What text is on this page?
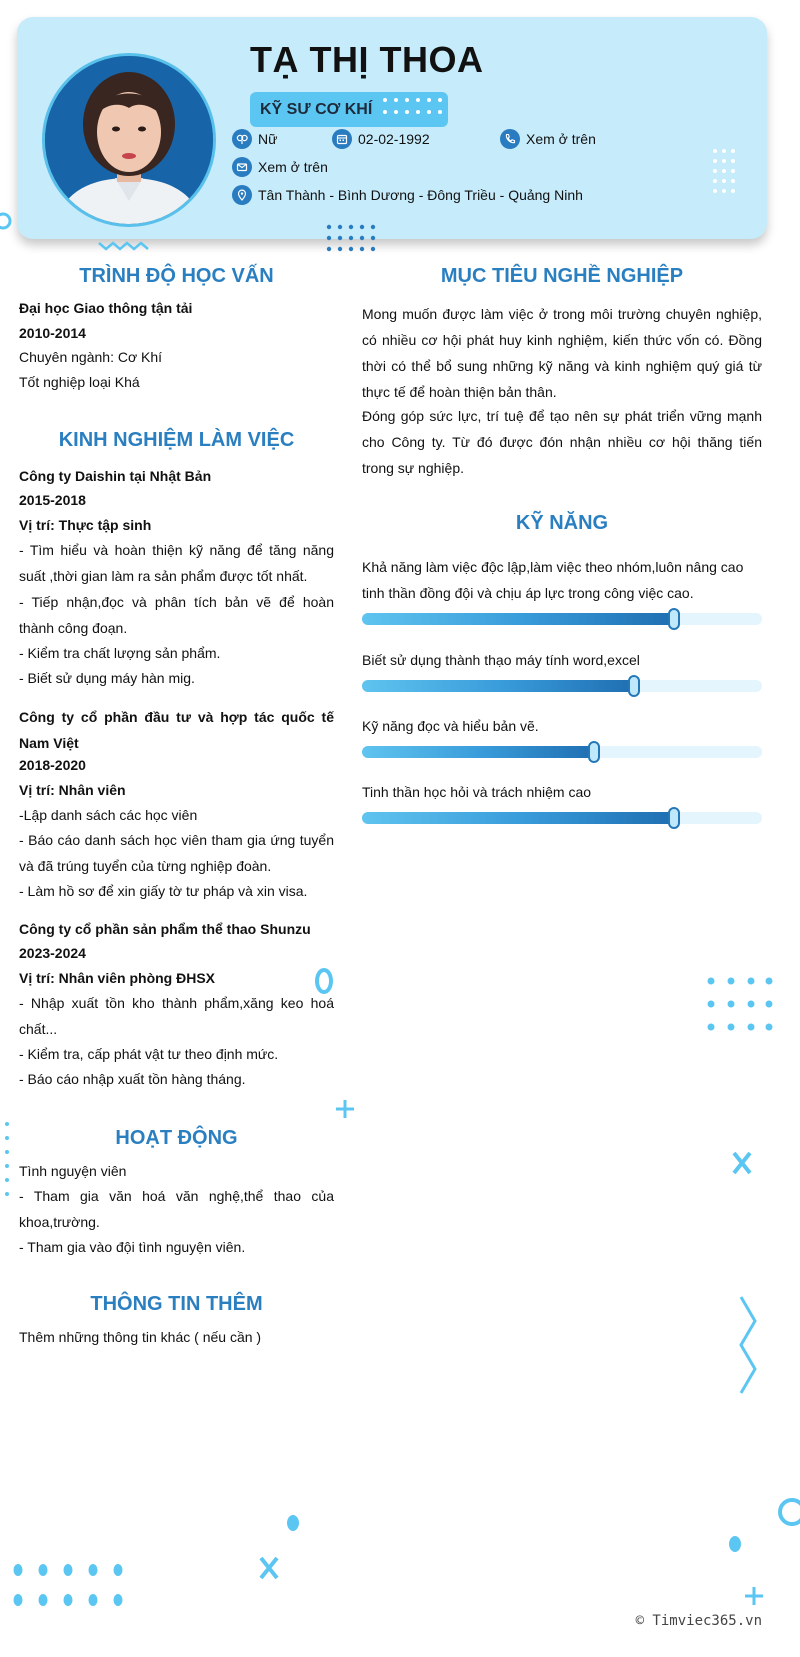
TẠ THỊ THOA
KỸ SƯ CƠ KHÍ
Nữ	02-02-1992	Xem ở trên
Xem ở trên
Tân Thành - Bình Dương - Đông Triều - Quảng Ninh
TRÌNH ĐỘ HỌC VẤN

Đại học Giao thông tận tải

2010-2014

Chuyên ngành: Cơ Khí

Tốt nghiệp loại Khá

KINH NGHIỆM LÀM VIỆC

Công ty Daishin tại Nhật Bản

2015-2018

Vị trí: Thực tập sinh

- Tìm hiểu và hoàn thiện kỹ năng để tăng năng suất ,thời gian làm ra sản phẩm được tốt nhất.

- Tiếp nhận,đọc và phân tích bản vẽ để hoàn thành công đoạn.

- Kiểm tra chất lượng sản phẩm.

- Biết sử dụng máy hàn mig.

Công ty cổ phần đầu tư và hợp tác quốc tế Nam Việt

2018-2020

Vị trí: Nhân viên

-Lập danh sách các học viên

- Báo cáo danh sách học viên tham gia ứng tuyển và đã trúng tuyển của từng nghiệp đoàn.

- Làm hồ sơ để xin giấy tờ tư pháp và xin visa.

Công ty cổ phần sản phẩm thể thao Shunzu

2023-2024

Vị trí: Nhân viên phòng ĐHSX

- Nhập xuất tồn kho thành phẩm,xăng keo hoá chất...

- Kiểm tra, cấp phát vật tư theo định mức.

- Báo cáo nhập xuất tồn hàng tháng.

HOẠT ĐỘNG

Tình nguyện viên

- Tham gia văn hoá văn nghệ,thể thao của khoa,trường.

- Tham gia vào đội tình nguyện viên.

THÔNG TIN THÊM

Thêm những thông tin khác ( nếu cần )

MỤC TIÊU NGHỀ NGHIỆP

Mong muốn được làm việc ở trong môi trường chuyên nghiệp, có nhiều cơ hội phát huy kinh nghiệm, kiến thức vốn có. Đồng thời có thể bổ sung những kỹ năng và kinh nghiệm quý giá từ thực tế để hoàn thiện bản thân.

Đóng góp sức lực, trí tuệ để tạo nên sự phát triển vững mạnh cho Công ty. Từ đó được đón nhận nhiều cơ hội thăng tiến trong sự nghiệp.

KỸ NĂNG

Khả năng làm việc độc lập,làm việc theo nhóm,luôn nâng cao tinh thần đồng đội và chịu áp lực trong công việc cao.

Biết sử dụng thành thạo máy tính word,excel

Kỹ năng đọc và hiểu bản vẽ.

Tinh thần học hỏi và trách nhiệm cao

© Timviec365.vn
